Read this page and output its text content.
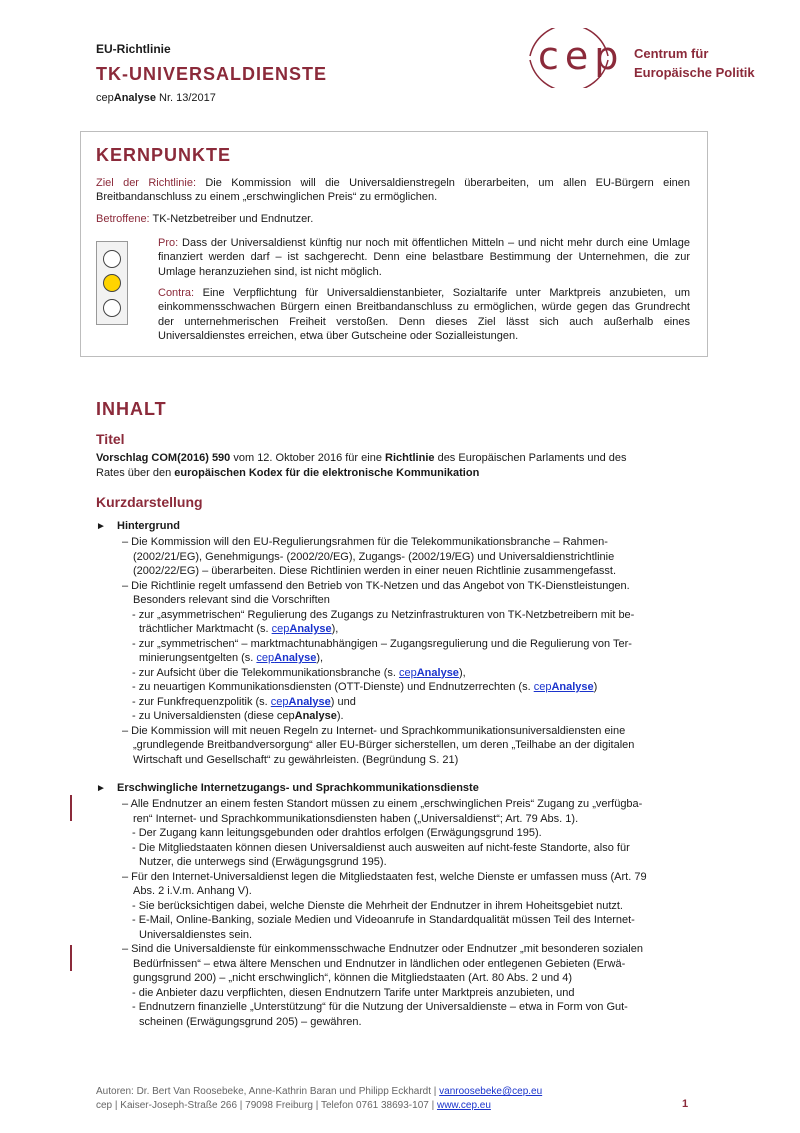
EU-Richtlinie
TK-UNIVERSALDIENSTE
cepAnalyse Nr. 13/2017
cep Centrum für
Europäische Politik
KERNPUNKTE
Ziel der Richtlinie: Die Kommission will die Universaldienstregeln überarbeiten, um allen EU-Bürgern einen Breitbandanschluss zu einem „erschwinglichen Preis“ zu ermöglichen.
Betroffene: TK-Netzbetreiber und Endnutzer.
Pro: Dass der Universaldienst künftig nur noch mit öffentlichen Mitteln – und nicht mehr durch eine Umlage finanziert werden darf – ist sachgerecht. Denn eine belastbare Bestimmung der Unternehmen, die zur Umlage heranzuziehen sind, ist nicht möglich.
Contra: Eine Verpflichtung für Universaldienstanbieter, Sozialtarife unter Marktpreis anzubieten, um einkommensschwachen Bürgern einen Breitbandanschluss zu ermöglichen, würde gegen das Grundrecht der unternehmerischen Freiheit verstoßen. Denn dieses Ziel lässt sich auch außerhalb eines Universaldienstes erreichen, etwa über Gutscheine oder Sozialleistungen.
INHALT
Titel
Vorschlag COM(2016) 590 vom 12. Oktober 2016 für eine Richtlinie des Europäischen Parlaments und des
Rates über den europäischen Kodex für die elektronische Kommunikation
Kurzdarstellung
► Hintergrund
– Die Kommission will den EU-Regulierungsrahmen für die Telekommunikationsbranche – Rahmen-
(2002/21/EG), Genehmigungs- (2002/20/EG), Zugangs- (2002/19/EG) und Universaldienstrichtlinie
(2002/22/EG) – überarbeiten. Diese Richtlinien werden in einer neuen Richtlinie zusammengefasst.
– Die Richtlinie regelt umfassend den Betrieb von TK-Netzen und das Angebot von TK-Dienstleistungen.
Besonders relevant sind die Vorschriften
- zur „asymmetrischen“ Regulierung des Zugangs zu Netzinfrastrukturen von TK-Netzbetreibern mit be-
trächtlicher Marktmacht (s. cepAnalyse),
- zur „symmetrischen“ – marktmachtunabhängigen – Zugangsregulierung und die Regulierung von Ter-
minierungsentgelten (s. cepAnalyse),
- zur Aufsicht über die Telekommunikationsbranche (s. cepAnalyse),
- zu neuartigen Kommunikationsdiensten (OTT-Dienste) und Endnutzerrechten (s. cepAnalyse)
- zur Funkfrequenzpolitik (s. cepAnalyse) und
- zu Universaldiensten (diese cepAnalyse).
– Die Kommission will mit neuen Regeln zu Internet- und Sprachkommunikationsuniversaldiensten eine
„grundlegende Breitbandversorgung“ aller EU-Bürger sicherstellen, um deren „Teilhabe an der digitalen
Wirtschaft und Gesellschaft“ zu gewährleisten. (Begründung S. 21)
► Erschwingliche Internetzugangs- und Sprachkommunikationsdienste
– Alle Endnutzer an einem festen Standort müssen zu einem „erschwinglichen Preis“ Zugang zu „verfügba-
ren“ Internet- und Sprachkommunikationsdiensten haben („Universaldienst“; Art. 79 Abs. 1).
- Der Zugang kann leitungsgebunden oder drahtlos erfolgen (Erwägungsgrund 195).
- Die Mitgliedstaaten können diesen Universaldienst auch ausweiten auf nicht-feste Standorte, also für
Nutzer, die unterwegs sind (Erwägungsgrund 195).
– Für den Internet-Universaldienst legen die Mitgliedstaaten fest, welche Dienste er umfassen muss (Art. 79
Abs. 2 i.V.m. Anhang V).
- Sie berücksichtigen dabei, welche Dienste die Mehrheit der Endnutzer in ihrem Hoheitsgebiet nutzt.
- E-Mail, Online-Banking, soziale Medien und Videoanrufe in Standardqualität müssen Teil des Internet-
Universaldienstes sein.
– Sind die Universaldienste für einkommensschwache Endnutzer oder Endnutzer „mit besonderen sozialen
Bedürfnissen“ – etwa ältere Menschen und Endnutzer in ländlichen oder entlegenen Gebieten (Erwä-
gungsgrund 200) – „nicht erschwinglich“, können die Mitgliedstaaten (Art. 80 Abs. 2 und 4)
- die Anbieter dazu verpflichten, diesen Endnutzern Tarife unter Marktpreis anzubieten, und
- Endnutzern finanzielle „Unterstützung“ für die Nutzung der Universaldienste – etwa in Form von Gut-
scheinen (Erwägungsgrund 205) – gewähren.
Autoren: Dr. Bert Van Roosebeke, Anne-Kathrin Baran und Philipp Eckhardt | vanroosebeke@cep.eu
cep | Kaiser-Joseph-Straße 266 | 79098 Freiburg | Telefon 0761 38693-107 | www.cep.eu	1
